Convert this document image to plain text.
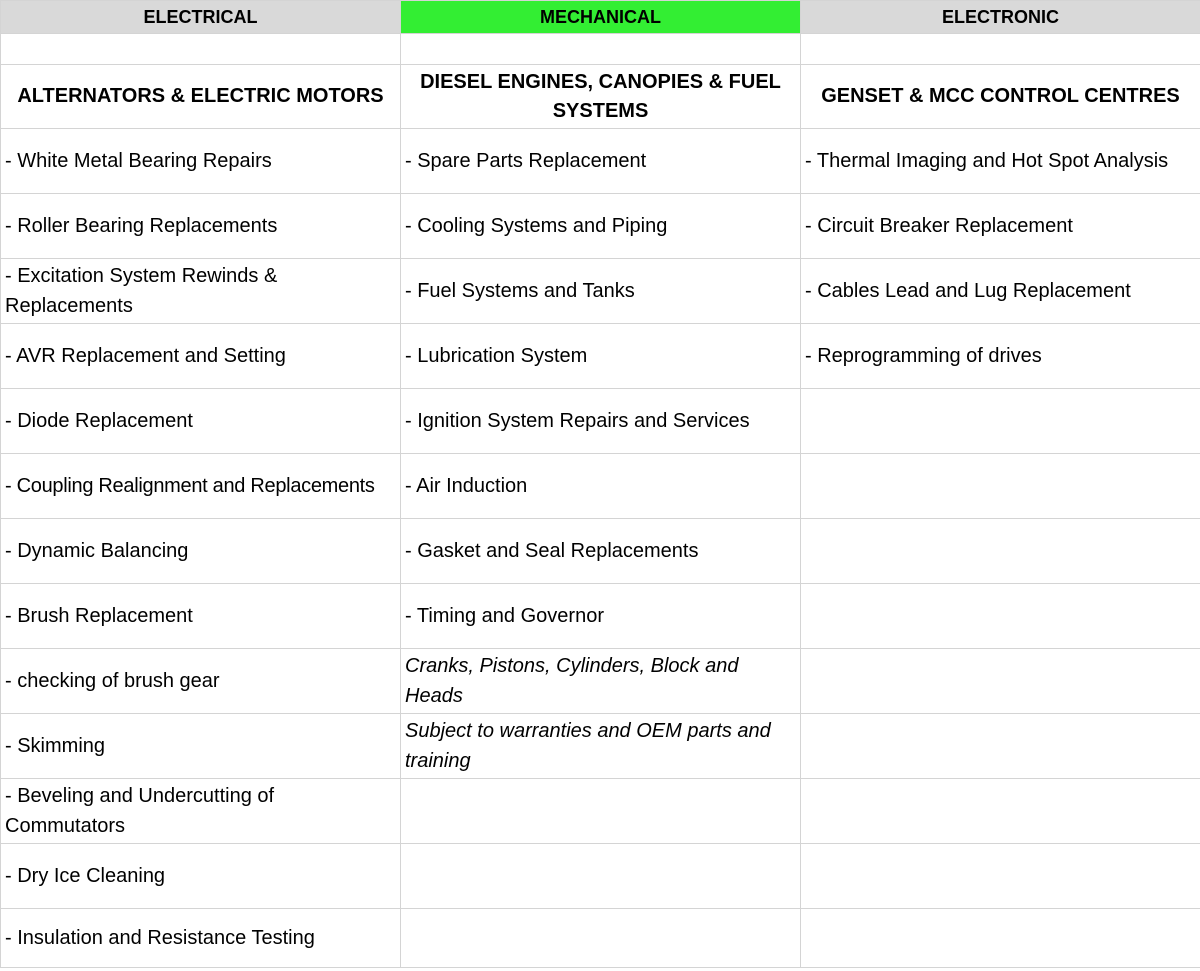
ELECTRICAL	MECHANICAL	ELECTRONIC

ALTERNATORS & ELECTRIC MOTORS	DIESEL ENGINES, CANOPIES & FUEL SYSTEMS	GENSET & MCC CONTROL CENTRES
- White Metal Bearing Repairs	- Spare Parts Replacement	- Thermal Imaging and Hot Spot Analysis
- Roller Bearing Replacements	- Cooling Systems and Piping	- Circuit Breaker Replacement
- Excitation System Rewinds & Replacements	- Fuel Systems and Tanks	- Cables Lead and Lug Replacement
- AVR Replacement and Setting	- Lubrication System	- Reprogramming of drives
- Diode Replacement	- Ignition System Repairs and Services	
- Coupling Realignment and Replacements	- Air Induction	
- Dynamic Balancing	- Gasket and Seal Replacements	
- Brush Replacement	- Timing and Governor	
- checking of brush gear	Cranks, Pistons, Cylinders, Block and Heads	
- Skimming	Subject to warranties and OEM parts and training	
- Beveling and Undercutting of Commutators		
- Dry Ice Cleaning		
- Insulation and Resistance Testing		
